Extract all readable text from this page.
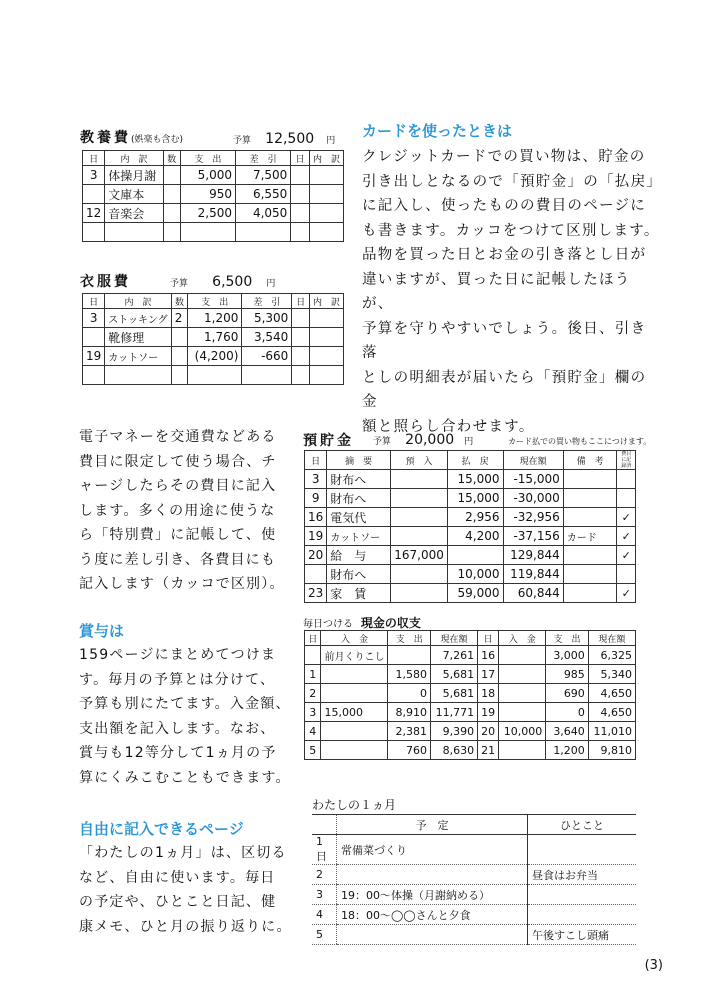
教養費(娯楽も含む)	予算 12,500 円
日	内　訳	数	支　出	差　引	日	内　訳
3	体操月謝		5,000	7,500		
	文庫本		950	6,550		
12	音楽会		2,500	4,050		

衣服費	予算 6,500 円
日	内　訳	数	支　出	差　引	日	内　訳
3	ストッキング	2	1,200	5,300		
	靴修理		1,760	3,540		
19	カットソー		(4,200)	-660		

カードを使ったときは
クレジットカードでの買い物は、貯金の
引き出しとなるので「預貯金」の「払戻」
に記入し、使ったものの費目のページに
も書きます。カッコをつけて区別します。
品物を買った日とお金の引き落とし日が
違いますが、買った日に記帳したほうが、
予算を守りやすいでしょう。後日、引き落
としの明細表が届いたら「預貯金」欄の金
額と照らし合わせます。
電子マネーを交通費などある
費目に限定して使う場合、チ
ャージしたらその費目に記入
します。多くの用途に使うな
ら「特別費」に記帳して、使
う度に差し引き、各費目にも
記入します（カッコで区別）。
預貯金 予算 20,000 円	カード払での買い物もここにつけます。
日	摘　要	預　入	払　戻	現在額	備　考	費目に記録済
3	財布へ		15,000	-15,000		
9	財布へ		15,000	-30,000		
16	電気代		2,956	-32,956		✓
19	カットソー		4,200	-37,156	カード	✓
20	給　与	167,000		129,844		✓
	財布へ		10,000	119,844		
23	家　賃		59,000	60,844		✓
賞与は
159ページにまとめてつけま
す。毎月の予算とは分けて、
予算も別にたてます。入金額、
支出額を記入します。なお、
賞与も12等分して1ヵ月の予
算にくみこむこともできます。
毎日つける 現金の収支
日	入　金	支　出	現在額	日	入　金	支　出	現在額
	前月くりこし		7,261	16		3,000	6,325
1		1,580	5,681	17		985	5,340
2		0	5,681	18		690	4,650
3	15,000	8,910	11,771	19		0	4,650
4		2,381	9,390	20	10,000	3,640	11,010
5		760	8,630	21		1,200	9,810
自由に記入できるページ
「わたしの1ヵ月」は、区切る
など、自由に使います。毎日
の予定や、ひとこと日記、健
康メモ、ひと月の振り返りに。
わたしの１ヵ月
	予　定	ひとこと
1日	常備菜づくり	
2		昼食はお弁当
3	19：00～体操（月謝納める）	
4	18：00～◯◯さんと夕食	
5		午後すこし頭痛
(3)
